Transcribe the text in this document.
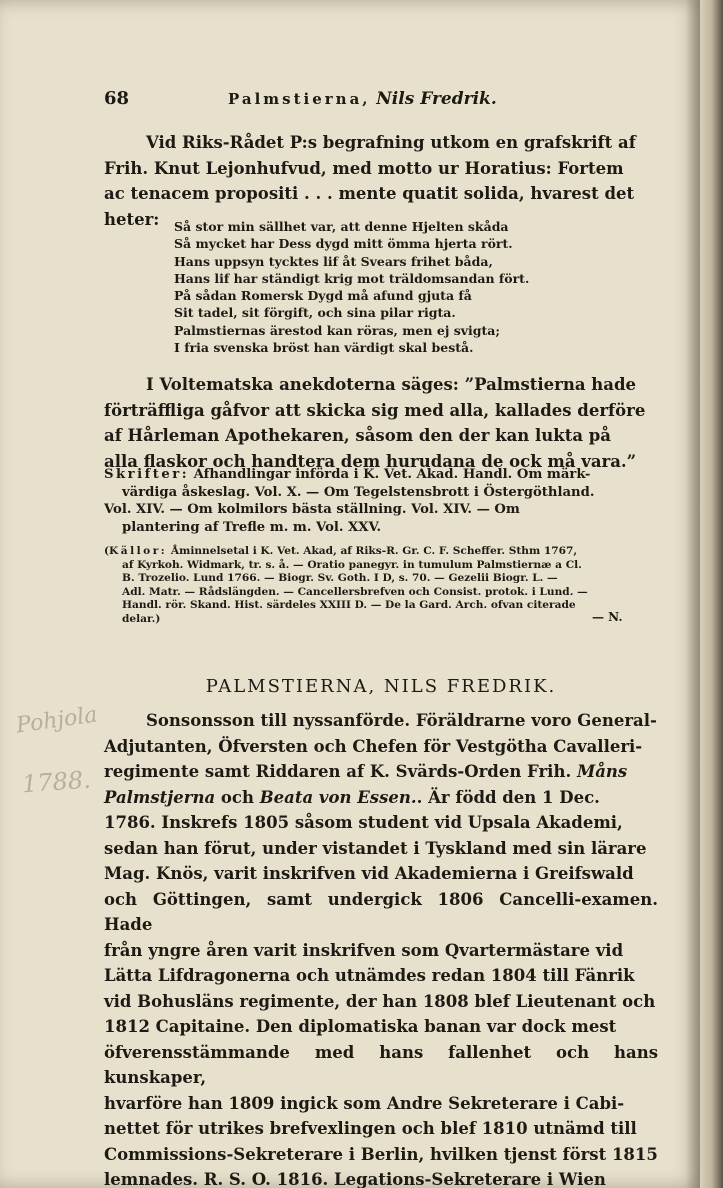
68	Palmstierna, Nils Fredrik.

Vid Riks-Rådet P:s begrafning utkom en grafskrift af

Frih. Knut Lejonhufvud, med motto ur Horatius: Fortem

ac tenacem propositi . . . mente quatit solida, hvarest det

heter:	Så stor min sällhet var, att denne Hjelten skåda
Så mycket har Dess dygd mitt ömma hjerta rört.
Hans uppsyn tycktes lif åt Svears frihet båda,
Hans lif har ständigt krig mot träldomsandan fört.
På sådan Romersk Dygd må afund gjuta få
Sit tadel, sit förgift, och sina pilar rigta.
Palmstiernas ärestod kan röras, men ej svigta;
I fria svenska bröst han värdigt skal bestå.

I Voltematska anekdoterna säges: ”Palmstierna hade

förträffliga gåfvor att skicka sig med alla, kallades derföre

af Hårleman Apothekaren, såsom den der kan lukta på

alla flaskor och handtera dem hurudana de ock må vara.”

Skrifter: Afhandlingar införda i K. Vet. Akad. Handl. Om märk-

värdiga åskeslag. Vol. X. — Om Tegelstensbrott i Östergöthland.

Vol. XIV. — Om kolmilors bästa ställning. Vol. XIV. — Om

plantering af Trefle m. m. Vol. XXV.

(Källor: Åminnelsetal i K. Vet. Akad, af Riks-R. Gr. C. F. Scheffer. Sthm 1767,

af Kyrkoh. Widmark, tr. s. å. — Oratio panegyr. in tumulum Palmstiernæ a Cl.

B. Trozelio. Lund 1766. — Biogr. Sv. Goth. I D, s. 70. — Gezelii Biogr. L. —

Adl. Matr. — Rådslängden. — Cancellersbrefven och Consist. protok. i Lund. —

Handl. rör. Skand. Hist. särdeles XXIII D. — De la Gard. Arch. ofvan citerade

delar.)	— N.
PALMSTIERNA, NILS FREDRIK.

Sonsonsson till nyssanförde. Föräldrarne voro General-

Adjutanten, Öfversten och Chefen för Vestgötha Cavalleri-

regimente samt Riddaren af K. Svärds-Orden Frih. Måns

Palmstjerna och Beata von Essen.. Är född den 1 Dec.

1786. Inskrefs 1805 såsom student vid Upsala Akademi,

sedan han förut, under vistandet i Tyskland med sin lärare

Mag. Knös, varit inskrifven vid Akademierna i Greifswald

och Göttingen, samt undergick 1806 Cancelli-examen. Hade

från yngre åren varit inskrifven som Qvartermästare vid

Lätta Lifdragonerna och utnämdes redan 1804 till Fänrik

vid Bohusläns regimente, der han 1808 blef Lieutenant och

1812 Capitaine. Den diplomatiska banan var dock mest

öfverensstämmande med hans fallenhet och hans kunskaper,

hvarföre han 1809 ingick som Andre Sekreterare i Cabi-

nettet för utrikes brefvexlingen och blef 1810 utnämd till

Commissions-Sekreterare i Berlin, hvilken tjenst först 1815

lemnades. R. S. O. 1816. Legations-Sekreterare i Wien

Pohjola
1788.
